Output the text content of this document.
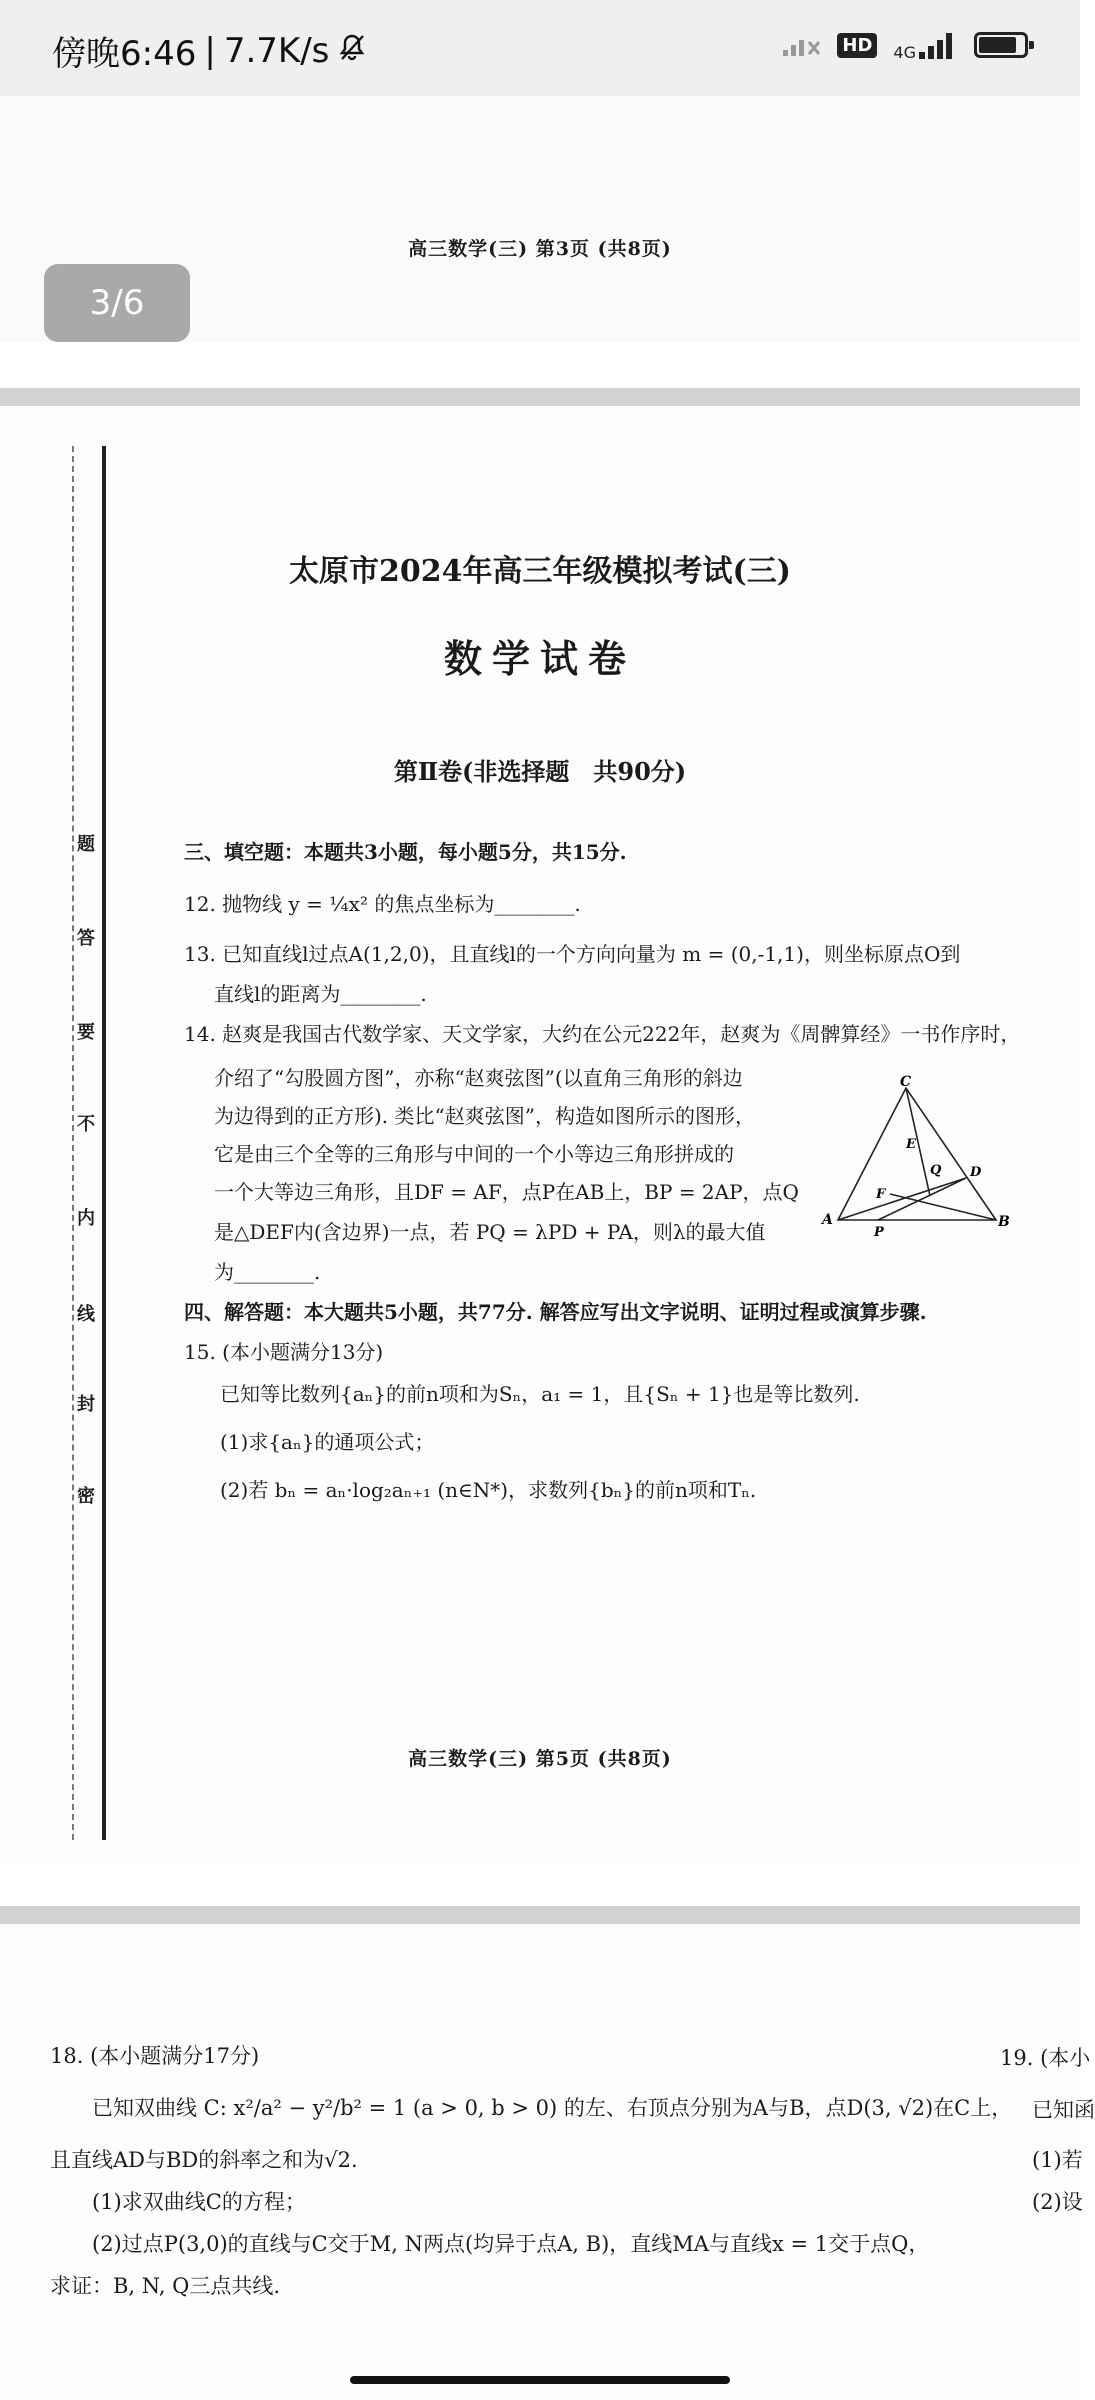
傍晚6:46 | 7.7K/s	HD	4G
高三数学(三) 第3页 (共8页)
3/6
题
答
要
不
内
线
封
密
太原市2024年高三年级模拟考试(三)
数学试卷
第Ⅱ卷(非选择题　共90分)
三、填空题：本题共3小题，每小题5分，共15分.
12. 抛物线 y = ¼x² 的焦点坐标为________.
13. 已知直线l过点A(1,2,0)，且直线l的一个方向向量为 m = (0,-1,1)，则坐标原点O到
直线l的距离为________.
14. 赵爽是我国古代数学家、天文学家，大约在公元222年，赵爽为《周髀算经》一书作序时，
介绍了“勾股圆方图”，亦称“赵爽弦图”(以直角三角形的斜边
为边得到的正方形). 类比“赵爽弦图”，构造如图所示的图形，
它是由三个全等的三角形与中间的一个小等边三角形拼成的
一个大等边三角形，且DF = AF，点P在AB上，BP = 2AP，点Q
是△DEF内(含边界)一点，若 PQ = λPD + PA，则λ的最大值
为________.
四、解答题：本大题共5小题，共77分. 解答应写出文字说明、证明过程或演算步骤.
15. (本小题满分13分)
已知等比数列{aₙ}的前n项和为Sₙ，a₁ = 1，且{Sₙ + 1}也是等比数列.
(1)求{aₙ}的通项公式；
(2)若 bₙ = aₙ·log₂aₙ₊₁ (n∈N*)，求数列{bₙ}的前n项和Tₙ.
C
E
Q D
F
A
P
B
高三数学(三) 第5页 (共8页)
18. (本小题满分17分)
已知双曲线 C: x²/a² − y²/b² = 1 (a > 0, b > 0) 的左、右顶点分别为A与B，点D(3, √2)在C上，
且直线AD与BD的斜率之和为√2.
(1)求双曲线C的方程；
(2)过点P(3,0)的直线与C交于M, N两点(均异于点A, B)，直线MA与直线x = 1交于点Q，
求证：B, N, Q三点共线.
19. (本小
已知函
(1)若
(2)设
